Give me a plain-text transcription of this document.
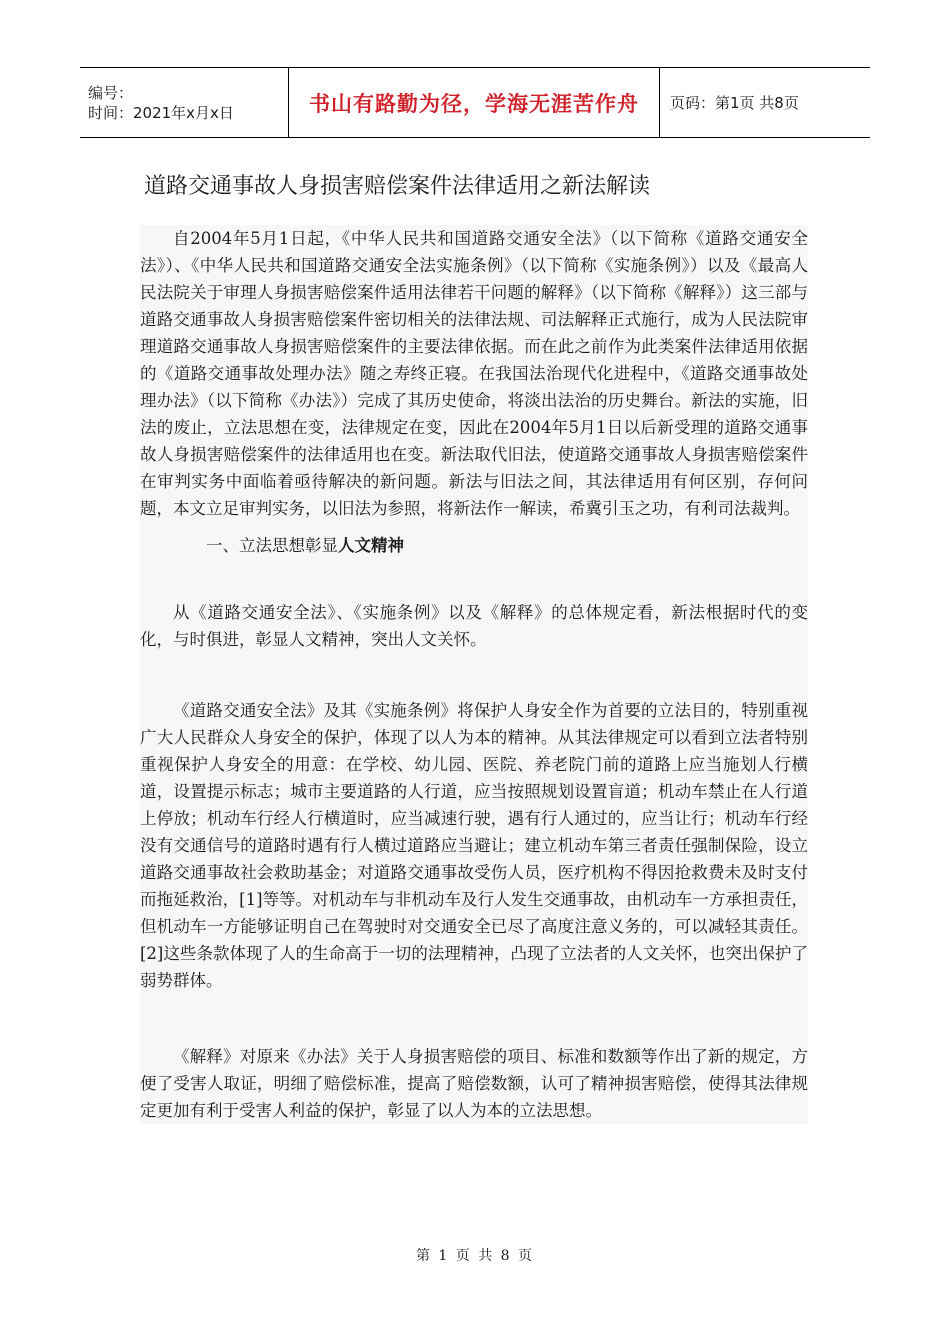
编号：
时间：2021年x月x日	书山有路勤为径，学海无涯苦作舟 页码：第1页 共8页
道路交通事故人身损害赔偿案件法律适用之新法解读

自2004年5月1日起，《中华人民共和国道路交通安全法》（以下简称《道路交通安全法》）、《中华人民共和国道路交通安全法实施条例》（以下简称《实施条例》）以及《最高人民法院关于审理人身损害赔偿案件适用法律若干问题的解释》（以下简称《解释》）这三部与道路交通事故人身损害赔偿案件密切相关的法律法规、司法解释正式施行，成为人民法院审理道路交通事故人身损害赔偿案件的主要法律依据。而在此之前作为此类案件法律适用依据的《道路交通事故处理办法》随之寿终正寝。在我国法治现代化进程中，《道路交通事故处理办法》（以下简称《办法》）完成了其历史使命，将淡出法治的历史舞台。新法的实施，旧法的废止，立法思想在变，法律规定在变，因此在2004年5月1日以后新受理的道路交通事故人身损害赔偿案件的法律适用也在变。新法取代旧法，使道路交通事故人身损害赔偿案件在审判实务中面临着亟待解决的新问题。新法与旧法之间，其法律适用有何区别，存何问题，本文立足审判实务，以旧法为参照，将新法作一解读，希冀引玉之功，有利司法裁判。

一、立法思想彰显人文精神

从《道路交通安全法》、《实施条例》以及《解释》的总体规定看，新法根据时代的变化，与时俱进，彰显人文精神，突出人文关怀。

《道路交通安全法》及其《实施条例》将保护人身安全作为首要的立法目的，特别重视广大人民群众人身安全的保护，体现了以人为本的精神。从其法律规定可以看到立法者特别重视保护人身安全的用意：在学校、幼儿园、医院、养老院门前的道路上应当施划人行横道，设置提示标志；城市主要道路的人行道，应当按照规划设置盲道；机动车禁止在人行道上停放；机动车行经人行横道时，应当减速行驶，遇有行人通过的，应当让行；机动车行经没有交通信号的道路时遇有行人横过道路应当避让；建立机动车第三者责任强制保险，设立道路交通事故社会救助基金；对道路交通事故受伤人员，医疗机构不得因抢救费未及时支付而拖延救治，[1]等等。对机动车与非机动车及行人发生交通事故，由机动车一方承担责任，但机动车一方能够证明自己在驾驶时对交通安全已尽了高度注意义务的，可以减轻其责任。[2]这些条款体现了人的生命高于一切的法理精神，凸现了立法者的人文关怀，也突出保护了弱势群体。

《解释》对原来《办法》关于人身损害赔偿的项目、标准和数额等作出了新的规定，方便了受害人取证，明细了赔偿标准，提高了赔偿数额，认可了精神损害赔偿，使得其法律规定更加有利于受害人利益的保护，彰显了以人为本的立法思想。

第 1 页 共 8 页
